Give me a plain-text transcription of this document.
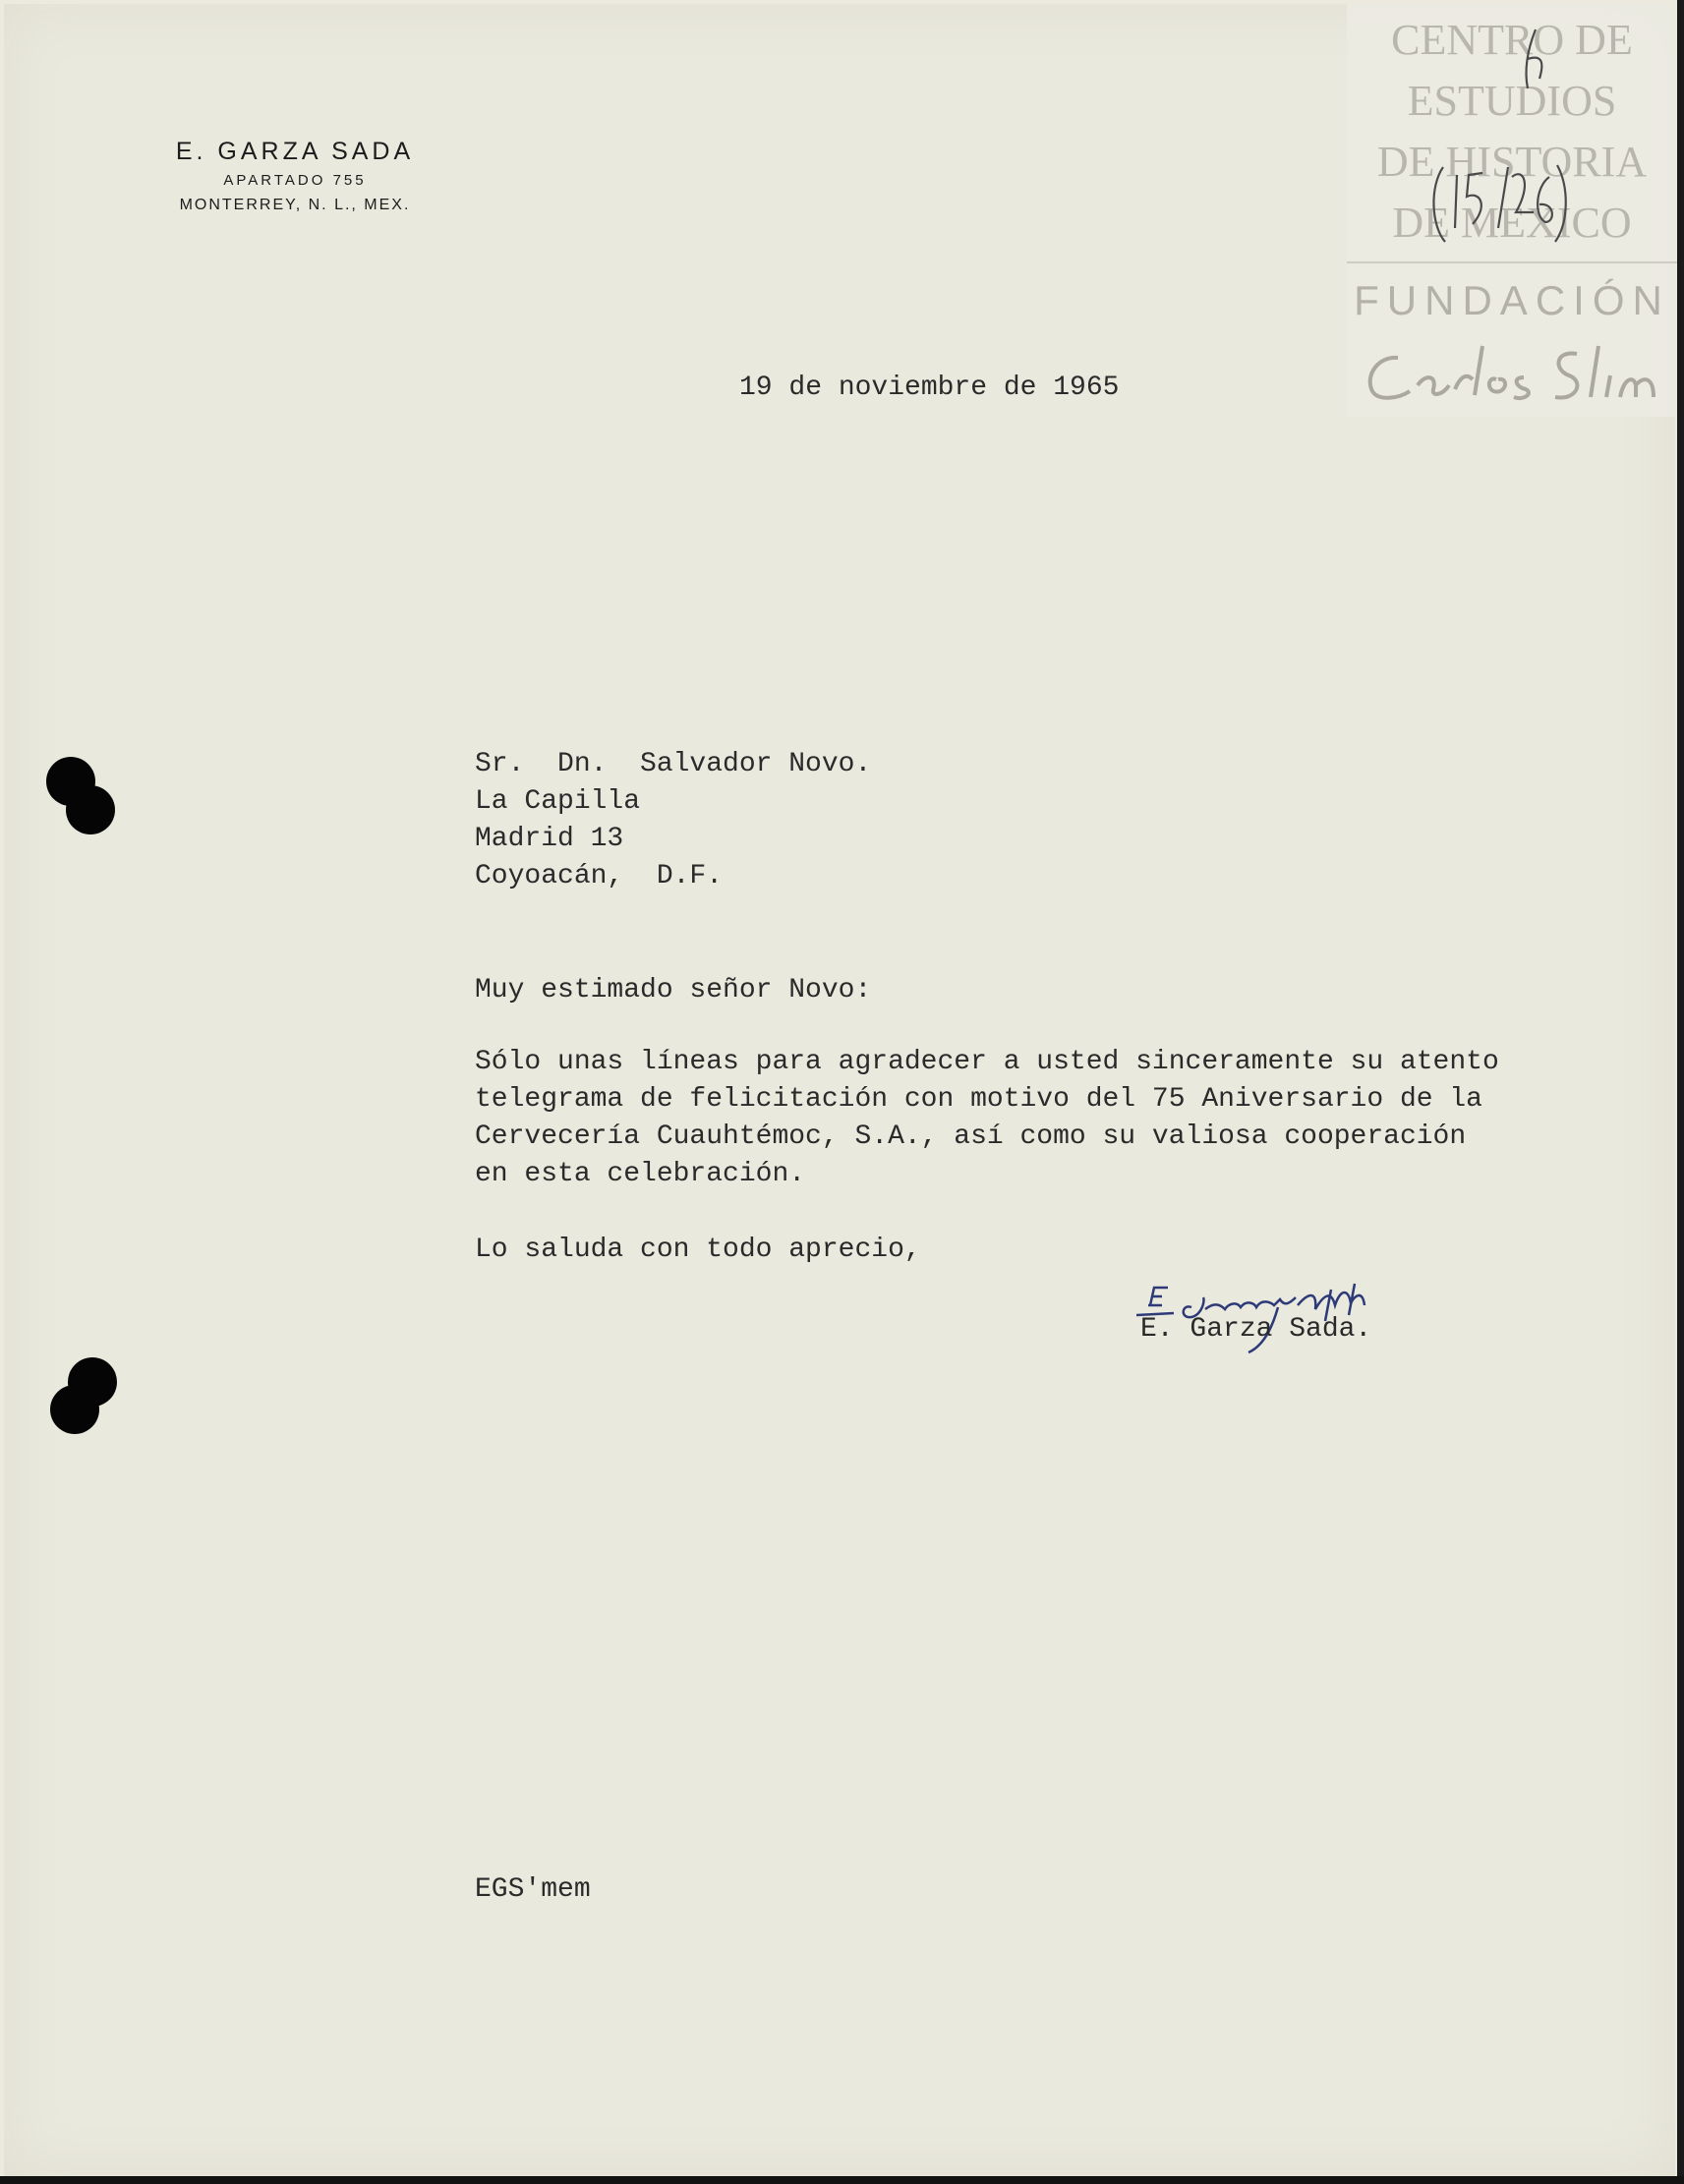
E. GARZA SADA
APARTADO 755
MONTERREY, N. L., MEX.
CENTRO DE
ESTUDIOS
DE HISTORIA
DE MEXICO
FUNDACIÓN
19 de noviembre de 1965
Sr.  Dn.  Salvador Novo.
La Capilla
Madrid 13
Coyoacán,  D.F.
Muy estimado señor Novo:
Sólo unas líneas para agradecer a usted sinceramente su atento
telegrama de felicitación con motivo del 75 Aniversario de la
Cervecería Cuauhtémoc, S.A., así como su valiosa cooperación
en esta celebración.
Lo saluda con todo aprecio,
E. Garza Sada.
EGS'mem
